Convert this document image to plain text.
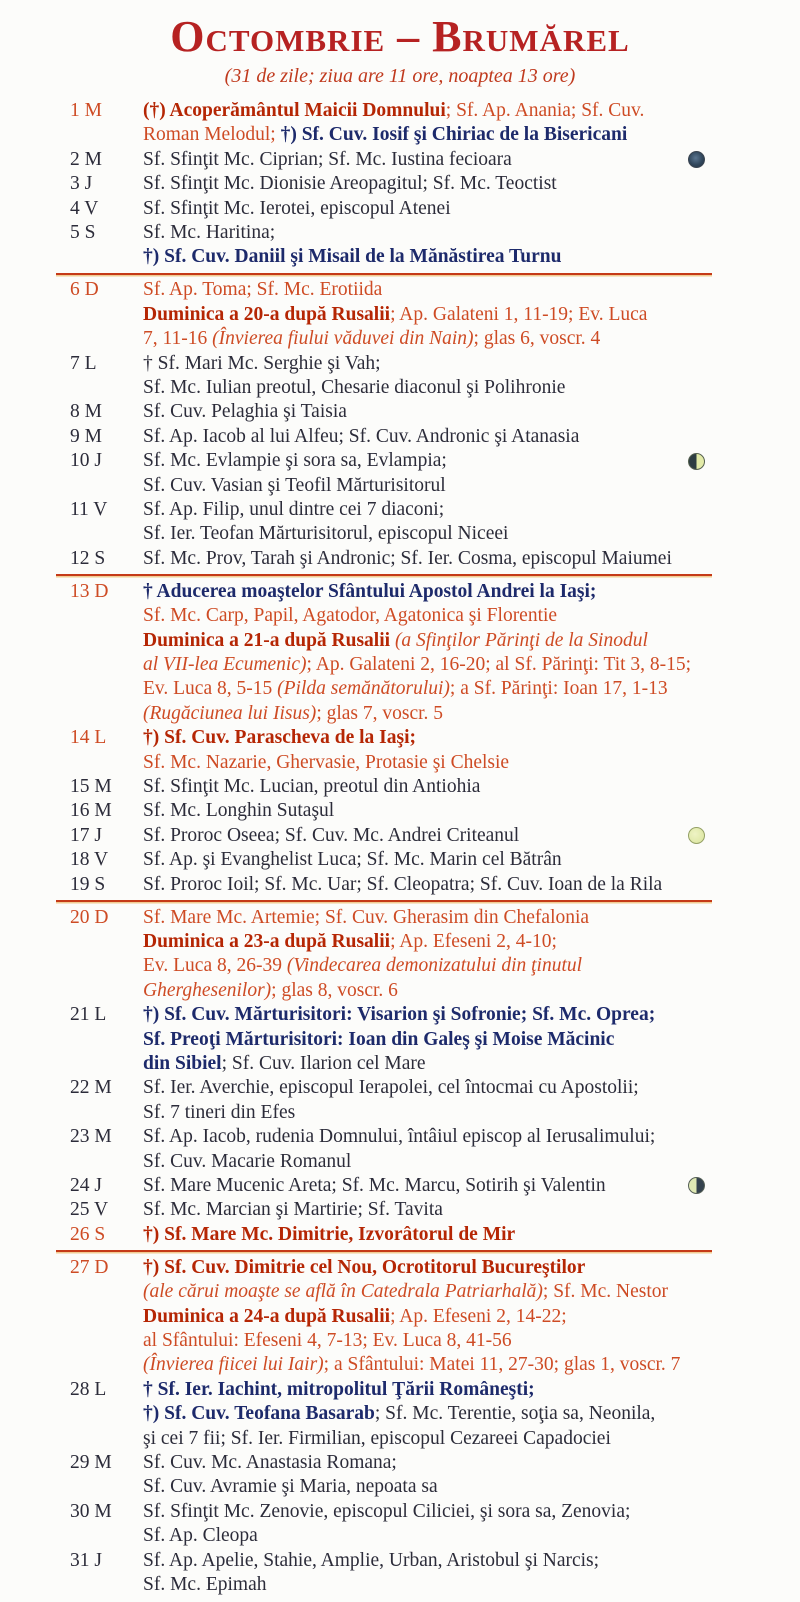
Octombrie – Brumărel
(31 de zile; ziua are 11 ore, noaptea 13 ore)
1 M	(†) Acoperământul Maicii Domnului; Sf. Ap. Anania; Sf. Cuv.
Roman Melodul; †) Sf. Cuv. Iosif şi Chiriac de la Bisericani
2 M	Sf. Sfinţit Mc. Ciprian; Sf. Mc. Iustina fecioara
3 J	Sf. Sfinţit Mc. Dionisie Areopagitul; Sf. Mc. Teoctist
4 V	Sf. Sfinţit Mc. Ierotei, episcopul Atenei
5 S	Sf. Mc. Haritina;
†) Sf. Cuv. Daniil şi Misail de la Mănăstirea Turnu
6 D	Sf. Ap. Toma; Sf. Mc. Erotiida
Duminica a 20-a după Rusalii; Ap. Galateni 1, 11-19; Ev. Luca
7, 11-16 (Învierea fiului văduvei din Nain); glas 6, voscr. 4
7 L	† Sf. Mari Mc. Serghie şi Vah;
Sf. Mc. Iulian preotul, Chesarie diaconul şi Polihronie
8 M	Sf. Cuv. Pelaghia şi Taisia
9 M	Sf. Ap. Iacob al lui Alfeu; Sf. Cuv. Andronic şi Atanasia
10 J	Sf. Mc. Evlampie şi sora sa, Evlampia;
Sf. Cuv. Vasian şi Teofil Mărturisitorul
11 V	Sf. Ap. Filip, unul dintre cei 7 diaconi;
Sf. Ier. Teofan Mărturisitorul, episcopul Niceei
12 S	Sf. Mc. Prov, Tarah şi Andronic; Sf. Ier. Cosma, episcopul Maiumei
13 D	† Aducerea moaştelor Sfântului Apostol Andrei la Iaşi;
Sf. Mc. Carp, Papil, Agatodor, Agatonica şi Florentie
Duminica a 21-a după Rusalii (a Sfinţilor Părinţi de la Sinodul
al VII-lea Ecumenic); Ap. Galateni 2, 16-20; al Sf. Părinţi: Tit 3, 8-15;
Ev. Luca 8, 5-15 (Pilda semănătorului); a Sf. Părinţi: Ioan 17, 1-13
(Rugăciunea lui Iisus); glas 7, voscr. 5
14 L	†) Sf. Cuv. Parascheva de la Iaşi;
Sf. Mc. Nazarie, Ghervasie, Protasie şi Chelsie
15 M	Sf. Sfinţit Mc. Lucian, preotul din Antiohia
16 M	Sf. Mc. Longhin Sutaşul
17 J	Sf. Proroc Oseea; Sf. Cuv. Mc. Andrei Criteanul
18 V	Sf. Ap. şi Evanghelist Luca; Sf. Mc. Marin cel Bătrân
19 S	Sf. Proroc Ioil; Sf. Mc. Uar; Sf. Cleopatra; Sf. Cuv. Ioan de la Rila
20 D	Sf. Mare Mc. Artemie; Sf. Cuv. Gherasim din Chefalonia
Duminica a 23-a după Rusalii; Ap. Efeseni 2, 4-10;
Ev. Luca 8, 26-39 (Vindecarea demonizatului din ţinutul
Gherghesenilor); glas 8, voscr. 6
21 L	†) Sf. Cuv. Mărturisitori: Visarion şi Sofronie; Sf. Mc. Oprea;
Sf. Preoţi Mărturisitori: Ioan din Galeş şi Moise Măcinic
din Sibiel; Sf. Cuv. Ilarion cel Mare
22 M	Sf. Ier. Averchie, episcopul Ierapolei, cel întocmai cu Apostolii;
Sf. 7 tineri din Efes
23 M	Sf. Ap. Iacob, rudenia Domnului, întâiul episcop al Ierusalimului;
Sf. Cuv. Macarie Romanul
24 J	Sf. Mare Mucenic Areta; Sf. Mc. Marcu, Sotirih şi Valentin
25 V	Sf. Mc. Marcian şi Martirie; Sf. Tavita
26 S	†) Sf. Mare Mc. Dimitrie, Izvorâtorul de Mir
27 D	†) Sf. Cuv. Dimitrie cel Nou, Ocrotitorul Bucureştilor
(ale cărui moaşte se află în Catedrala Patriarhală); Sf. Mc. Nestor
Duminica a 24-a după Rusalii; Ap. Efeseni 2, 14-22;
al Sfântului: Efeseni 4, 7-13; Ev. Luca 8, 41-56
(Învierea fiicei lui Iair); a Sfântului: Matei 11, 27-30; glas 1, voscr. 7
28 L	† Sf. Ier. Iachint, mitropolitul Ţării Româneşti;
†) Sf. Cuv. Teofana Basarab; Sf. Mc. Terentie, soţia sa, Neonila,
şi cei 7 fii; Sf. Ier. Firmilian, episcopul Cezareei Capadociei
29 M	Sf. Cuv. Mc. Anastasia Romana;
Sf. Cuv. Avramie şi Maria, nepoata sa
30 M	Sf. Sfinţit Mc. Zenovie, episcopul Ciliciei, şi sora sa, Zenovia;
Sf. Ap. Cleopa
31 J	Sf. Ap. Apelie, Stahie, Amplie, Urban, Aristobul şi Narcis;
Sf. Mc. Epimah
